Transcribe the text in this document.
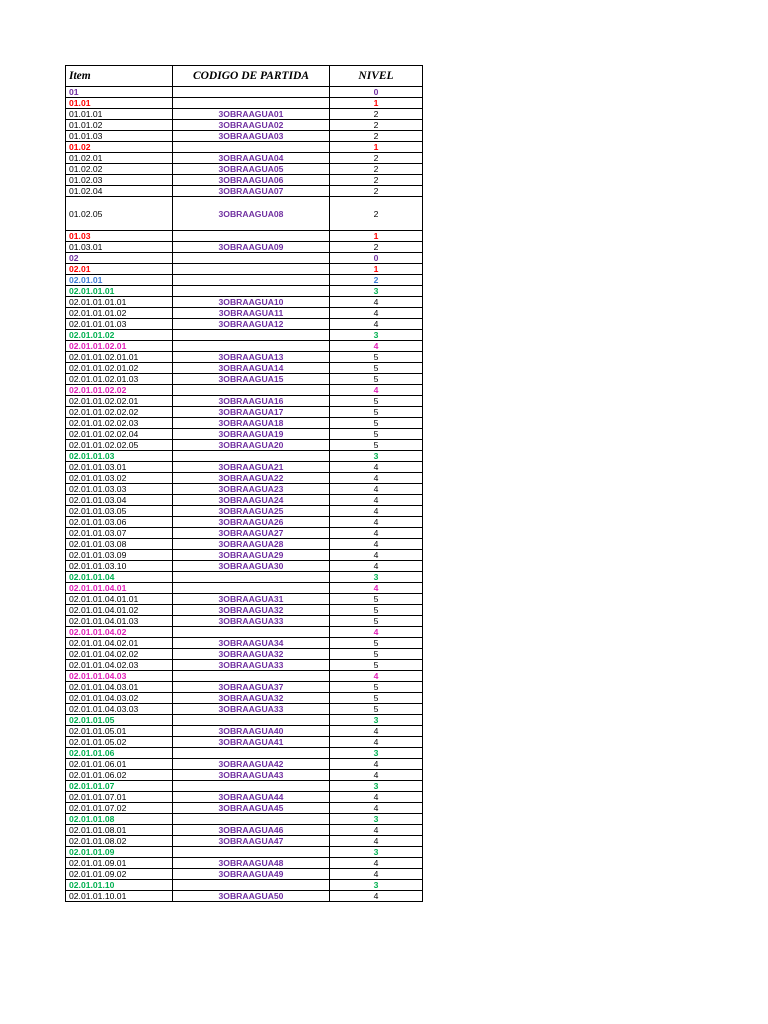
Item	CODIGO DE PARTIDA	NIVEL
01		0
01.01		1
01.01.01	3OBRAAGUA01	2
01.01.02	3OBRAAGUA02	2
01.01.03	3OBRAAGUA03	2
01.02		1
01.02.01	3OBRAAGUA04	2
01.02.02	3OBRAAGUA05	2
01.02.03	3OBRAAGUA06	2
01.02.04	3OBRAAGUA07	2
01.02.05	3OBRAAGUA08	2
01.03		1
01.03.01	3OBRAAGUA09	2
02		0
02.01		1
02.01.01		2
02.01.01.01		3
02.01.01.01.01	3OBRAAGUA10	4
02.01.01.01.02	3OBRAAGUA11	4
02.01.01.01.03	3OBRAAGUA12	4
02.01.01.02		3
02.01.01.02.01		4
02.01.01.02.01.01	3OBRAAGUA13	5
02.01.01.02.01.02	3OBRAAGUA14	5
02.01.01.02.01.03	3OBRAAGUA15	5
02.01.01.02.02		4
02.01.01.02.02.01	3OBRAAGUA16	5
02.01.01.02.02.02	3OBRAAGUA17	5
02.01.01.02.02.03	3OBRAAGUA18	5
02.01.01.02.02.04	3OBRAAGUA19	5
02.01.01.02.02.05	3OBRAAGUA20	5
02.01.01.03		3
02.01.01.03.01	3OBRAAGUA21	4
02.01.01.03.02	3OBRAAGUA22	4
02.01.01.03.03	3OBRAAGUA23	4
02.01.01.03.04	3OBRAAGUA24	4
02.01.01.03.05	3OBRAAGUA25	4
02.01.01.03.06	3OBRAAGUA26	4
02.01.01.03.07	3OBRAAGUA27	4
02.01.01.03.08	3OBRAAGUA28	4
02.01.01.03.09	3OBRAAGUA29	4
02.01.01.03.10	3OBRAAGUA30	4
02.01.01.04		3
02.01.01.04.01		4
02.01.01.04.01.01	3OBRAAGUA31	5
02.01.01.04.01.02	3OBRAAGUA32	5
02.01.01.04.01.03	3OBRAAGUA33	5
02.01.01.04.02		4
02.01.01.04.02.01	3OBRAAGUA34	5
02.01.01.04.02.02	3OBRAAGUA32	5
02.01.01.04.02.03	3OBRAAGUA33	5
02.01.01.04.03		4
02.01.01.04.03.01	3OBRAAGUA37	5
02.01.01.04.03.02	3OBRAAGUA32	5
02.01.01.04.03.03	3OBRAAGUA33	5
02.01.01.05		3
02.01.01.05.01	3OBRAAGUA40	4
02.01.01.05.02	3OBRAAGUA41	4
02.01.01.06		3
02.01.01.06.01	3OBRAAGUA42	4
02.01.01.06.02	3OBRAAGUA43	4
02.01.01.07		3
02.01.01.07.01	3OBRAAGUA44	4
02.01.01.07.02	3OBRAAGUA45	4
02.01.01.08		3
02.01.01.08.01	3OBRAAGUA46	4
02.01.01.08.02	3OBRAAGUA47	4
02.01.01.09		3
02.01.01.09.01	3OBRAAGUA48	4
02.01.01.09.02	3OBRAAGUA49	4
02.01.01.10		3
02.01.01.10.01	3OBRAAGUA50	4
